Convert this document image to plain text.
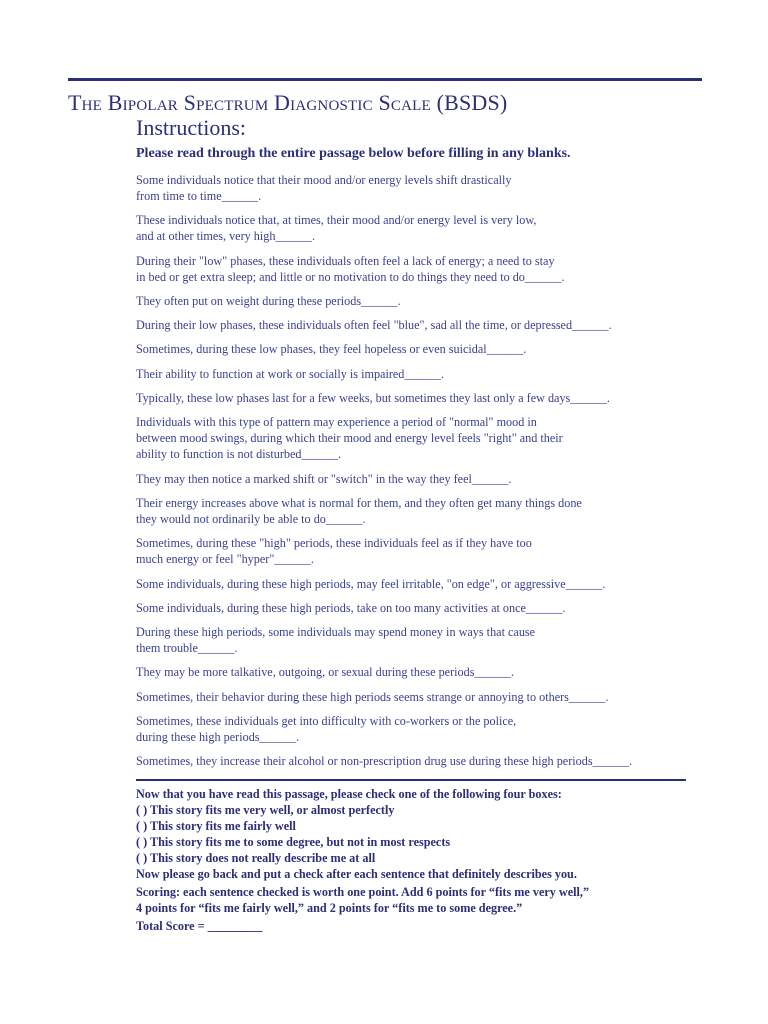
The Bipolar Spectrum Diagnostic Scale (BSDS)
Instructions:
Please read through the entire passage below before filling in any blanks.

Some individuals notice that their mood and/or energy levels shift drastically
from time to time______.

These individuals notice that, at times, their mood and/or energy level is very low,
and at other times, very high______.

During their "low" phases, these individuals often feel a lack of energy; a need to stay
in bed or get extra sleep; and little or no motivation to do things they need to do______.

They often put on weight during these periods______.

During their low phases, these individuals often feel "blue", sad all the time, or depressed______.

Sometimes, during these low phases, they feel hopeless or even suicidal______.

Their ability to function at work or socially is impaired______.

Typically, these low phases last for a few weeks, but sometimes they last only a few days______.

Individuals with this type of pattern may experience a period of "normal" mood in
between mood swings, during which their mood and energy level feels "right" and their
ability to function is not disturbed______.

They may then notice a marked shift or "switch" in the way they feel______.

Their energy increases above what is normal for them, and they often get many things done
they would not ordinarily be able to do______.

Sometimes, during these "high" periods, these individuals feel as if they have too
much energy or feel "hyper"______.

Some individuals, during these high periods, may feel irritable, "on edge", or aggressive______.

Some individuals, during these high periods, take on too many activities at once______.

During these high periods, some individuals may spend money in ways that cause
them trouble______.

They may be more talkative, outgoing, or sexual during these periods______.

Sometimes, their behavior during these high periods seems strange or annoying to others______.

Sometimes, these individuals get into difficulty with co-workers or the police,
during these high periods______.

Sometimes, they increase their alcohol or non-prescription drug use during these high periods______.

Now that you have read this passage, please check one of the following four boxes:
( ) This story fits me very well, or almost perfectly
( ) This story fits me fairly well
( ) This story fits me to some degree, but not in most respects
( ) This story does not really describe me at all
Now please go back and put a check after each sentence that definitely describes you.
Scoring: each sentence checked is worth one point. Add 6 points for “fits me very well,”
4 points for “fits me fairly well,” and 2 points for “fits me to some degree.”
Total Score = _________
